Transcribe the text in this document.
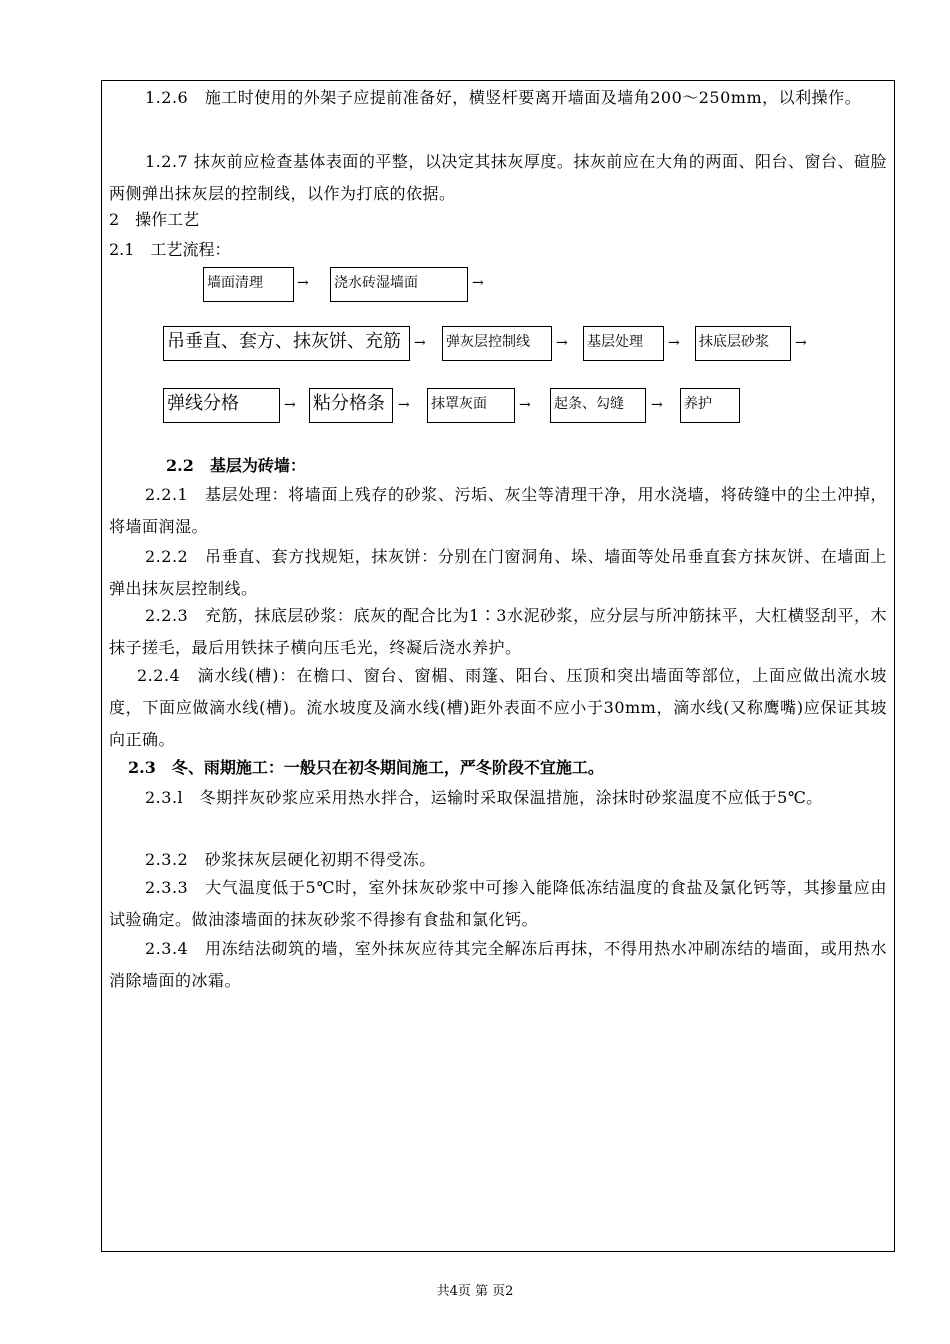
1.2.6　施工时使用的外架子应提前准备好，横竖杆要离开墙面及墙角200～250mm，以利操作。
1.2.7 抹灰前应检查基体表面的平整，以决定其抹灰厚度。抹灰前应在大角的两面、阳台、窗台、碹脸两侧弹出抹灰层的控制线，以作为打底的依据。
2　操作工艺
2.1　工艺流程：
墙面清理	→ 浇水砖湿墙面	→
吊垂直、套方、抹灰饼、充筋 → 弹灰层控制线	→ 基层处理	→ 抹底层砂浆	→
弹线分格	→ 粘分格条 → 抹罩灰面	→ 起条、勾缝	→ 养护
2.2　基层为砖墙：
2.2.1　基层处理：将墙面上残存的砂浆、污垢、灰尘等清理干净，用水浇墙，将砖缝中的尘土冲掉，将墙面润湿。
2.2.2　吊垂直、套方找规矩，抹灰饼：分别在门窗洞角、垛、墙面等处吊垂直套方抹灰饼、在墙面上弹出抹灰层控制线。
2.2.3　充筋，抹底层砂浆：底灰的配合比为1∶3水泥砂浆，应分层与所冲筋抹平，大杠横竖刮平，木抹子搓毛，最后用铁抹子横向压毛光，终凝后浇水养护。
2.2.4　滴水线(槽)：在檐口、窗台、窗楣、雨篷、阳台、压顶和突出墙面等部位，上面应做出流水坡度，下面应做滴水线(槽)。流水坡度及滴水线(槽)距外表面不应小于30mm，滴水线(又称鹰嘴)应保证其坡向正确。
2.3　冬、雨期施工：一般只在初冬期间施工，严冬阶段不宜施工。
2.3.l　冬期拌灰砂浆应采用热水拌合，运输时采取保温措施，涂抹时砂浆温度不应低于5℃。
2.3.2　砂浆抹灰层硬化初期不得受冻。
2.3.3　大气温度低于5℃时，室外抹灰砂浆中可掺入能降低冻结温度的食盐及氯化钙等，其掺量应由试验确定。做油漆墙面的抹灰砂浆不得掺有食盐和氯化钙。
2.3.4　用冻结法砌筑的墙，室外抹灰应待其完全解冻后再抹，不得用热水冲刷冻结的墙面，或用热水消除墙面的冰霜。
共4页 第 页2
